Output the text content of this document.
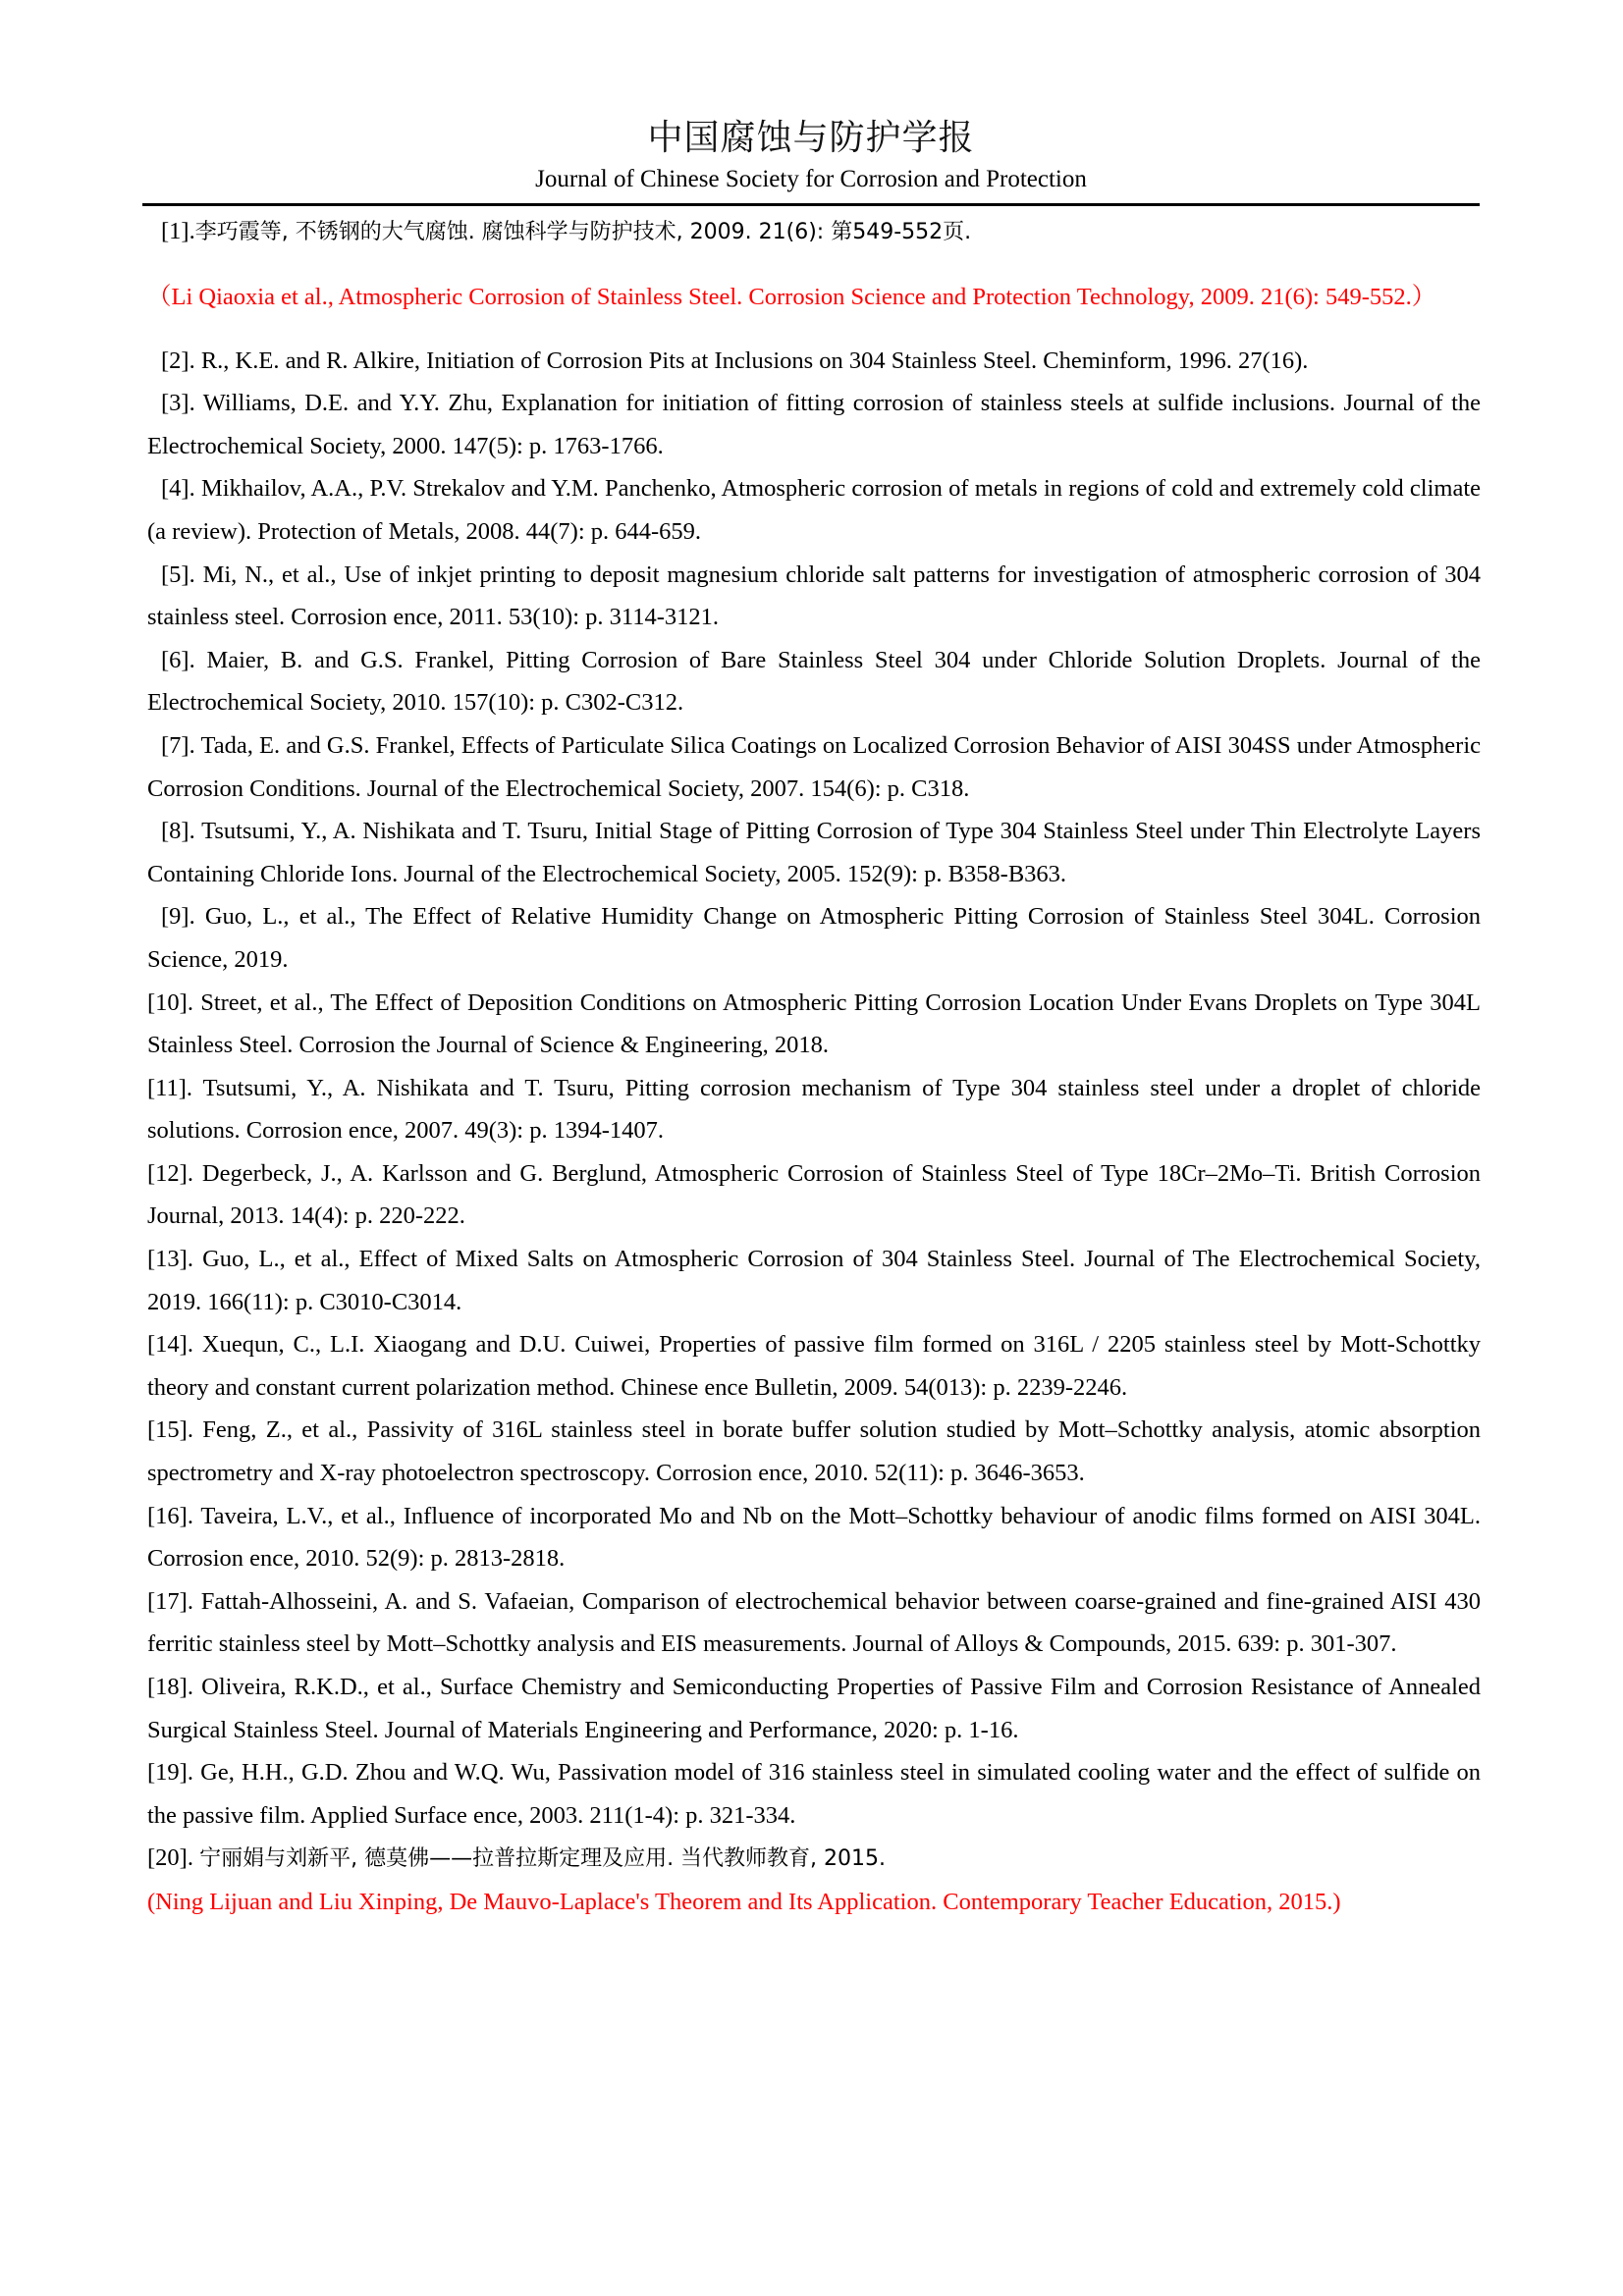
中国腐蚀与防护学报
Journal of Chinese Society for Corrosion and Protection

[1].李巧霞等, 不锈钢的大气腐蚀. 腐蚀科学与防护技术, 2009. 21(6): 第549-552页.

（Li Qiaoxia et al., Atmospheric Corrosion of Stainless Steel. Corrosion Science and Protection Technology, 2009. 21(6): 549-552.）

[2]. R., K.E. and R. Alkire, Initiation of Corrosion Pits at Inclusions on 304 Stainless Steel. Cheminform, 1996. 27(16).

[3]. Williams, D.E. and Y.Y. Zhu, Explanation for initiation of fitting corrosion of stainless steels at sulfide inclusions. Journal of the Electrochemical Society, 2000. 147(5): p. 1763-1766.

[4]. Mikhailov, A.A., P.V. Strekalov and Y.M. Panchenko, Atmospheric corrosion of metals in regions of cold and extremely cold climate (a review). Protection of Metals, 2008. 44(7): p. 644-659.

[5]. Mi, N., et al., Use of inkjet printing to deposit magnesium chloride salt patterns for investigation of atmospheric corrosion of 304 stainless steel. Corrosion ence, 2011. 53(10): p. 3114-3121.

[6]. Maier, B. and G.S. Frankel, Pitting Corrosion of Bare Stainless Steel 304 under Chloride Solution Droplets. Journal of the Electrochemical Society, 2010. 157(10): p. C302-C312.

[7]. Tada, E. and G.S. Frankel, Effects of Particulate Silica Coatings on Localized Corrosion Behavior of AISI 304SS under Atmospheric Corrosion Conditions. Journal of the Electrochemical Society, 2007. 154(6): p. C318.

[8]. Tsutsumi, Y., A. Nishikata and T. Tsuru, Initial Stage of Pitting Corrosion of Type 304 Stainless Steel under Thin Electrolyte Layers Containing Chloride Ions. Journal of the Electrochemical Society, 2005. 152(9): p. B358-B363.

[9]. Guo, L., et al., The Effect of Relative Humidity Change on Atmospheric Pitting Corrosion of Stainless Steel 304L. Corrosion Science, 2019.

[10]. Street, et al., The Effect of Deposition Conditions on Atmospheric Pitting Corrosion Location Under Evans Droplets on Type 304L Stainless Steel. Corrosion the Journal of Science & Engineering, 2018.

[11]. Tsutsumi, Y., A. Nishikata and T. Tsuru, Pitting corrosion mechanism of Type 304 stainless steel under a droplet of chloride solutions. Corrosion ence, 2007. 49(3): p. 1394-1407.

[12]. Degerbeck, J., A. Karlsson and G. Berglund, Atmospheric Corrosion of Stainless Steel of Type 18Cr–2Mo–Ti. British Corrosion Journal, 2013. 14(4): p. 220-222.

[13]. Guo, L., et al., Effect of Mixed Salts on Atmospheric Corrosion of 304 Stainless Steel. Journal of The Electrochemical Society, 2019. 166(11): p. C3010-C3014.

[14]. Xuequn, C., L.I. Xiaogang and D.U. Cuiwei, Properties of passive film formed on 316L / 2205 stainless steel by Mott-Schottky theory and constant current polarization method. Chinese ence Bulletin, 2009. 54(013): p. 2239-2246.

[15]. Feng, Z., et al., Passivity of 316L stainless steel in borate buffer solution studied by Mott–Schottky analysis, atomic absorption spectrometry and X-ray photoelectron spectroscopy. Corrosion ence, 2010. 52(11): p. 3646-3653.

[16]. Taveira, L.V., et al., Influence of incorporated Mo and Nb on the Mott–Schottky behaviour of anodic films formed on AISI 304L. Corrosion ence, 2010. 52(9): p. 2813-2818.

[17]. Fattah-Alhosseini, A. and S. Vafaeian, Comparison of electrochemical behavior between coarse-grained and fine-grained AISI 430 ferritic stainless steel by Mott–Schottky analysis and EIS measurements. Journal of Alloys & Compounds, 2015. 639: p. 301-307.

[18]. Oliveira, R.K.D., et al., Surface Chemistry and Semiconducting Properties of Passive Film and Corrosion Resistance of Annealed Surgical Stainless Steel. Journal of Materials Engineering and Performance, 2020: p. 1-16.

[19]. Ge, H.H., G.D. Zhou and W.Q. Wu, Passivation model of 316 stainless steel in simulated cooling water and the effect of sulfide on the passive film. Applied Surface ence, 2003. 211(1-4): p. 321-334.

[20]. 宁丽娟与刘新平, 德莫佛——拉普拉斯定理及应用. 当代教师教育, 2015.

(Ning Lijuan and Liu Xinping, De Mauvo-Laplace's Theorem and Its Application. Contemporary Teacher Education, 2015.)
